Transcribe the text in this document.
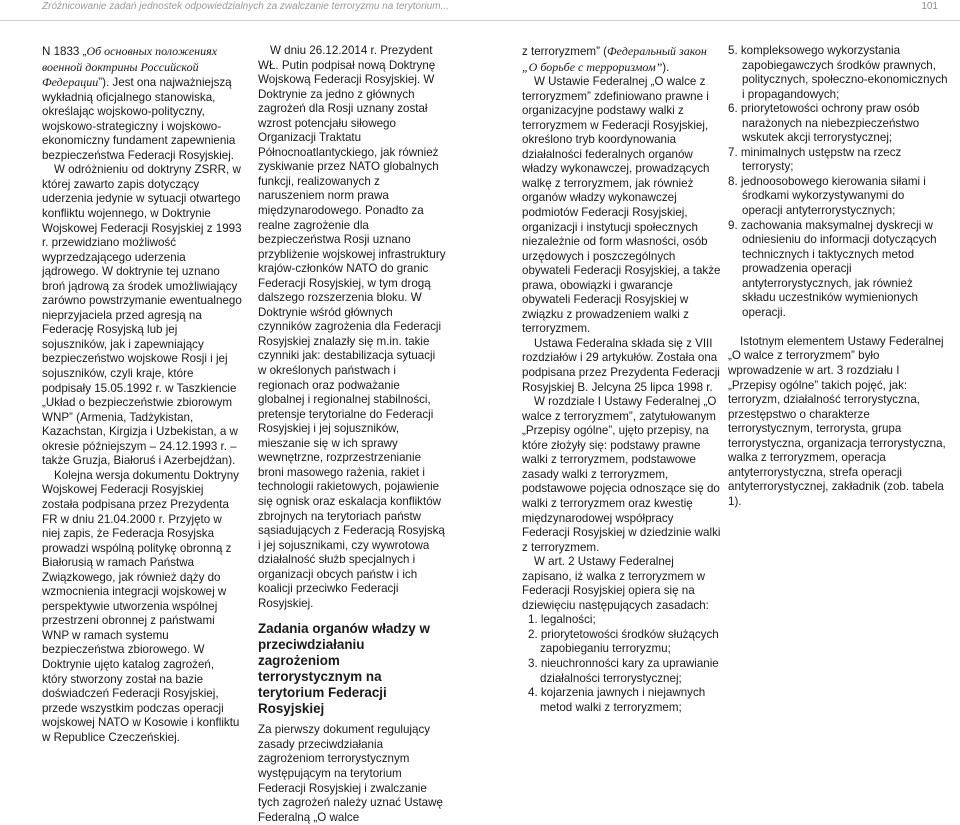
Zróżnicowanie zadań jednostek odpowiedzialnych za zwalczanie terroryzmu na terytorium...	101

N 1833 „Об основных положениях военной доктрины Российской Федерации”). Jest ona najważniejszą wykładnią oficjalnego stanowiska, określając wojskowo-polityczny, wojskowo-strategiczny i wojskowo-ekonomiczny fundament zapewnienia bezpieczeństwa Federacji Rosyjskiej.

W odróżnieniu od doktryny ZSRR, w której zawarto zapis dotyczący uderzenia jedynie w sytuacji otwartego konfliktu wojennego, w Doktrynie Wojskowej Federacji Rosyjskiej z 1993 r. przewidziano możliwość wyprzedzającego uderzenia jądrowego. W doktrynie tej uznano broń jądrową za środek umożliwiający zarówno powstrzymanie ewentualnego nieprzyjaciela przed agresją na Federację Rosyjską lub jej sojuszników, jak i zapewniający bezpieczeństwo wojskowe Rosji i jej sojuszników, czyli kraje, które podpisały 15.05.1992 r. w Taszkiencie „Układ o bezpieczeństwie zbiorowym WNP” (Armenia, Tadżykistan, Kazachstan, Kirgizja i Uzbekistan, a w okresie późniejszym – 24.12.1993 r. – także Gruzja, Białoruś i Azerbejdżan).

Kolejna wersja dokumentu Doktryny Wojskowej Federacji Rosyjskiej została podpisana przez Prezydenta FR w dniu 21.04.2000 r. Przyjęto w niej zapis, że Federacja Rosyjska prowadzi wspólną politykę obronną z Białorusią w ramach Państwa Związkowego, jak również dąży do wzmocnienia integracji wojskowej w perspektywie utworzenia wspólnej przestrzeni obronnej z państwami WNP w ramach systemu bezpieczeństwa zbiorowego. W Doktrynie ujęto katalog zagrożeń, który stworzony został na bazie doświadczeń Federacji Rosyjskiej, przede wszystkim podczas operacji wojskowej NATO w Kosowie i konfliktu w Republice Czeczeńskiej.

W dniu 26.12.2014 r. Prezydent WŁ. Putin podpisał nową Doktrynę Wojskową Federacji Rosyjskiej. W Doktrynie za jedno z głównych zagrożeń dla Rosji uznany został wzrost potencjału siłowego Organizacji Traktatu Północnoatlantyckiego, jak również zyskiwanie przez NATO globalnych funkcji, realizowanych z naruszeniem norm prawa międzynarodowego. Ponadto za realne zagrożenie dla bezpieczeństwa Rosji uznano przybliżenie wojskowej infrastruktury krajów-członków NATO do granic Federacji Rosyjskiej, w tym drogą dalszego rozszerzenia bloku. W Doktrynie wśród głównych czynników zagrożenia dla Federacji Rosyjskiej znalazły się m.in. takie czynniki jak: destabilizacja sytuacji w określonych państwach i regionach oraz podważanie globalnej i regionalnej stabilności, pretensje terytorialne do Federacji Rosyjskiej i jej sojuszników, mieszanie się w ich sprawy wewnętrzne, rozprzestrzenianie broni masowego rażenia, rakiet i technologii rakietowych, pojawienie się ognisk oraz eskalacja konfliktów zbrojnych na terytoriach państw sąsiadujących z Federacją Rosyjską i jej sojusznikami, czy wywrotowa działalność służb specjalnych i organizacji obcych państw i ich koalicji przeciwko Federacji Rosyjskiej.

Zadania organów władzy w przeciwdziałaniu zagrożeniom terrorystycznym na terytorium Federacji Rosyjskiej

Za pierwszy dokument regulujący zasady przeciwdziałania zagrożeniom terrorystycznym występującym na terytorium Federacji Rosyjskiej i zwalczanie tych zagrożeń należy uznać Ustawę Federalną „O walce

z terroryzmem” (Федеральный закон „О борьбе с терроризмом”).

W Ustawie Federalnej „O walce z terroryzmem” zdefiniowano prawne i organizacyjne podstawy walki z terroryzmem w Federacji Rosyjskiej, określono tryb koordynowania działalności federalnych organów władzy wykonawczej, prowadzących walkę z terroryzmem, jak również organów władzy wykonawczej podmiotów Federacji Rosyjskiej, organizacji i instytucji społecznych niezależnie od form własności, osób urzędowych i poszczególnych obywateli Federacji Rosyjskiej, a także prawa, obowiązki i gwarancje obywateli Federacji Rosyjskiej w związku z prowadzeniem walki z terroryzmem.

Ustawa Federalna składa się z VIII rozdziałów i 29 artykułów. Została ona podpisana przez Prezydenta Federacji Rosyjskiej B. Jelcyna 25 lipca 1998 r.

W rozdziale I Ustawy Federalnej „O walce z terroryzmem”, zatytułowanym „Przepisy ogólne”, ujęto przepisy, na które złożyły się: podstawy prawne walki z terroryzmem, podstawowe zasady walki z terroryzmem, podstawowe pojęcia odnoszące się do walki z terroryzmem oraz kwestię międzynarodowej współpracy Federacji Rosyjskiej w dziedzinie walki z terroryzmem.

W art. 2 Ustawy Federalnej zapisano, iż walka z terroryzmem w Federacji Rosyjskiej opiera się na dziewięciu następujących zasadach:

1. legalności;
2. priorytetowości środków służących zapobieganiu terroryzmu;
3. nieuchronności kary za uprawianie działalności terrorystycznej;
4. kojarzenia jawnych i niejawnych metod walki z terroryzmem;
5. kompleksowego wykorzystania zapobiegawczych środków prawnych, politycznych, społeczno-ekonomicznych i propagandowych;
6. priorytetowości ochrony praw osób narażonych na niebezpieczeństwo wskutek akcji terrorystycznej;
7. minimalnych ustępstw na rzecz terrorysty;
8. jednoosobowego kierowania siłami i środkami wykorzystywanymi do operacji antyterrorystycznych;
9. zachowania maksymalnej dyskrecji w odniesieniu do informacji dotyczących technicznych i taktycznych metod prowadzenia operacji antyterrorystycznych, jak również składu uczestników wymienionych operacji.

Istotnym elementem Ustawy Federalnej „O walce z terroryzmem” było wprowadzenie w art. 3 rozdziału I „Przepisy ogólne” takich pojęć, jak: terroryzm, działalność terrorystyczna, przestępstwo o charakterze terrorystycznym, terrorysta, grupa terrorystyczna, organizacja terrorystyczna, walka z terroryzmem, operacja antyterrorystyczna, strefa operacji antyterrorystycznej, zakładnik (zob. tabela 1).
